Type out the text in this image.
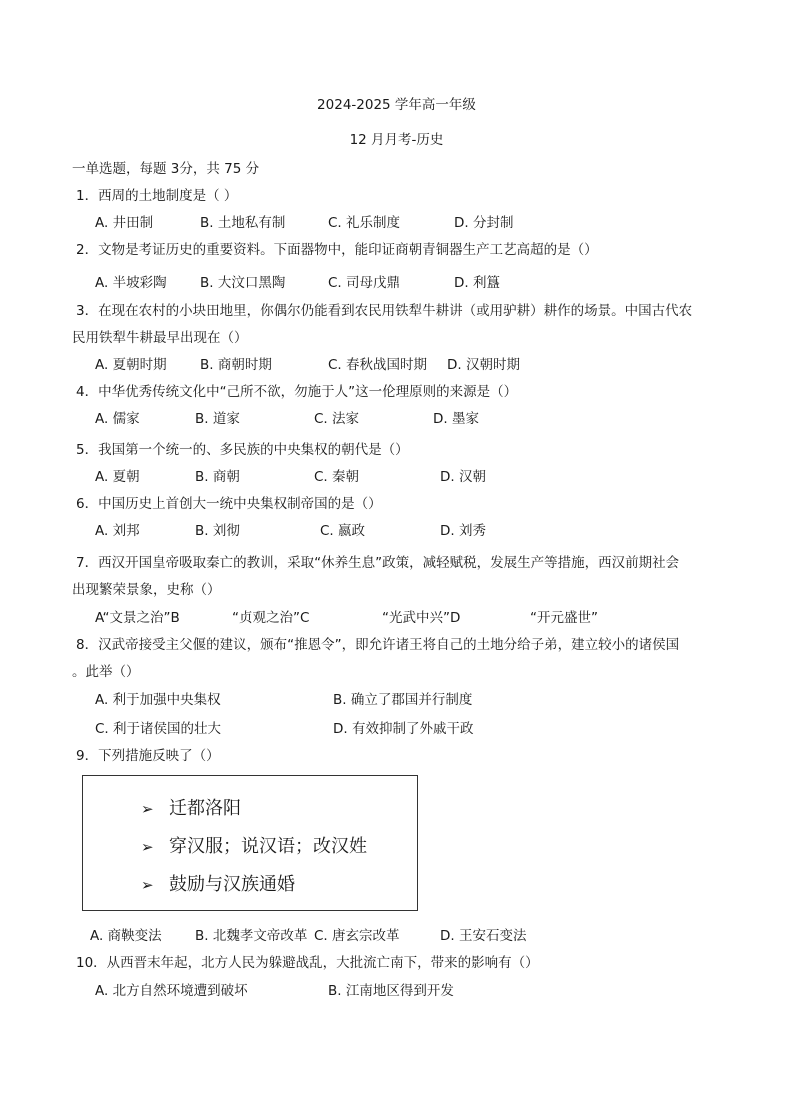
2024-2025 学年高一年级
12 月月考-历史
一单选题，每题 3分，共 75 分
1．西周的土地制度是（ ）
A. 井田制	B. 土地私有制	C. 礼乐制度	D. 分封制
2．文物是考证历史的重要资料。下面器物中，能印证商朝青铜器生产工艺高超的是（）
A. 半坡彩陶 B. 大汶口黑陶	C. 司母戊鼎	D. 利簋
3．在现在农村的小块田地里，你偶尔仍能看到农民用铁犁牛耕讲（或用驴耕）耕作的场景。中国古代农
民用铁犁牛耕最早出现在（）
A. 夏朝时期 B. 商朝时期	C. 春秋战国时期 D. 汉朝时期
4．中华优秀传统文化中“己所不欲，勿施于人”这一伦理原则的来源是（）
A. 儒家	B. 道家	C. 法家	D. 墨家
5．我国第一个统一的、多民族的中央集权的朝代是（）
A. 夏朝	B. 商朝	C. 秦朝	D. 汉朝
6．中国历史上首创大一统中央集权制帝国的是（）
A. 刘邦	B. 刘彻	C. 嬴政	D. 刘秀
7．西汉开国皇帝吸取秦亡的教训，采取“休养生息”政策，减轻赋税，发展生产等措施，西汉前期社会
出现繁荣景象，史称（）
A“文景之治”B	“贞观之治”C	“光武中兴”D	“开元盛世”
8．汉武帝接受主父偃的建议，颁布“推恩令”，即允许诸王将自己的土地分给子弟，建立较小的诸侯国
。此举（）
A. 利于加强中央集权	B. 确立了郡国并行制度
C. 利于诸侯国的壮大	D. 有效抑制了外戚干政
9．下列措施反映了（）
➢ 迁都洛阳
➢ 穿汉服；说汉语；改汉姓
➢ 鼓励与汉族通婚
A. 商鞅变法 B. 北魏孝文帝改革 C. 唐玄宗改革	D. 王安石变法
10．从西晋末年起，北方人民为躲避战乱，大批流亡南下，带来的影响有（）
A. 北方自然环境遭到破坏	B. 江南地区得到开发
